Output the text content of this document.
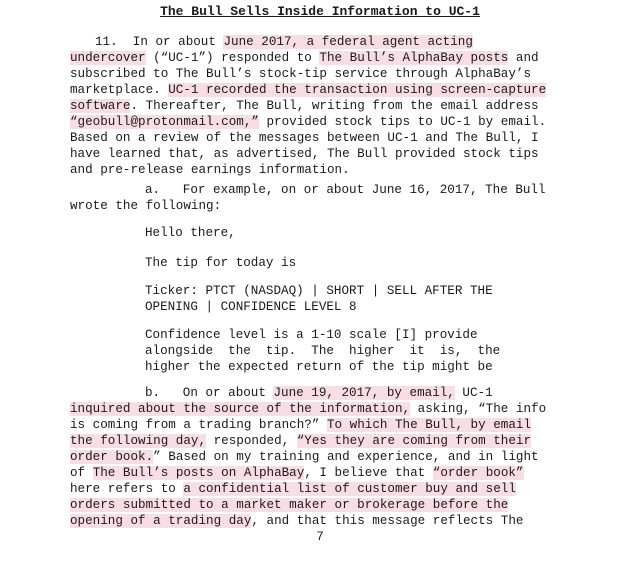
The Bull Sells Inside Information to UC-1
11.  In or about June 2017, a federal agent acting
undercover (“UC-1”) responded to The Bull’s AlphaBay posts and
subscribed to The Bull’s stock-tip service through AlphaBay’s
marketplace. UC-1 recorded the transaction using screen-capture
software. Thereafter, The Bull, writing from the email address
“geobull@protonmail.com,” provided stock tips to UC-1 by email.
Based on a review of the messages between UC-1 and The Bull, I
have learned that, as advertised, The Bull provided stock tips
and pre-release earnings information.
a.   For example, on or about June 16, 2017, The Bull
wrote the following:
Hello there,
The tip for today is
Ticker: PTCT (NASDAQ) | SHORT | SELL AFTER THE
OPENING | CONFIDENCE LEVEL 8
Confidence level is a 1-10 scale [I] provide
alongside  the  tip.  The  higher  it  is,  the
higher the expected return of the tip might be
b.   On or about June 19, 2017, by email, UC-1
inquired about the source of the information, asking, “The info
is coming from a trading branch?” To which The Bull, by email
the following day, responded, “Yes they are coming from their
order book.” Based on my training and experience, and in light
of The Bull’s posts on AlphaBay, I believe that “order book”
here refers to a confidential list of customer buy and sell
orders submitted to a market maker or brokerage before the
opening of a trading day, and that this message reflects The
7
